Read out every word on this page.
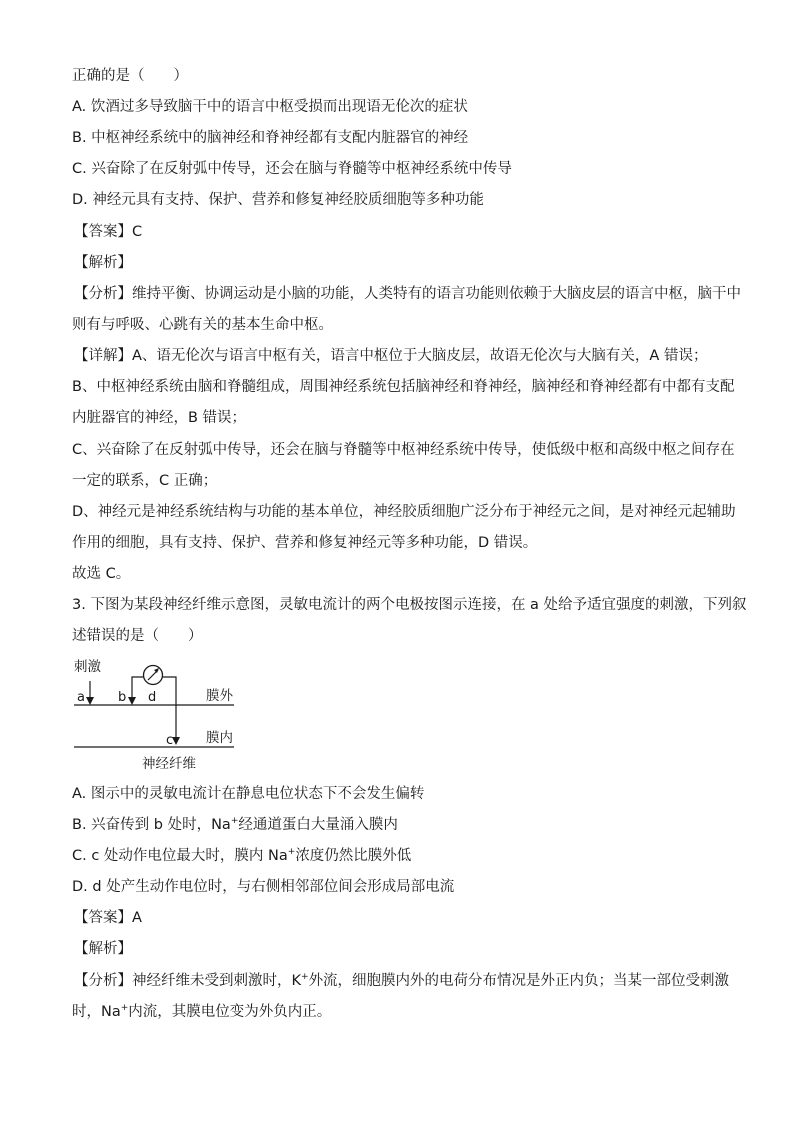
正确的是（　　）
A. 饮酒过多导致脑干中的语言中枢受损而出现语无伦次的症状
B. 中枢神经系统中的脑神经和脊神经都有支配内脏器官的神经
C. 兴奋除了在反射弧中传导，还会在脑与脊髓等中枢神经系统中传导
D. 神经元具有支持、保护、营养和修复神经胶质细胞等多种功能
【答案】C
【解析】
【分析】维持平衡、协调运动是小脑的功能，人类特有的语言功能则依赖于大脑皮层的语言中枢，脑干中
则有与呼吸、心跳有关的基本生命中枢。
【详解】A、语无伦次与语言中枢有关，语言中枢位于大脑皮层，故语无伦次与大脑有关，A 错误；
B、中枢神经系统由脑和脊髓组成，周围神经系统包括脑神经和脊神经，脑神经和脊神经都有中都有支配
内脏器官的神经，B 错误；
C、兴奋除了在反射弧中传导，还会在脑与脊髓等中枢神经系统中传导，使低级中枢和高级中枢之间存在
一定的联系，C 正确；
D、神经元是神经系统结构与功能的基本单位，神经胶质细胞广泛分布于神经元之间，是对神经元起辅助
作用的细胞，具有支持、保护、营养和修复神经元等多种功能，D 错误。
故选 C。
3. 下图为某段神经纤维示意图，灵敏电流计的两个电极按图示连接，在 a 处给予适宜强度的刺激，下列叙
述错误的是（　　）
刺激
a	b d
c
膜外
膜内
神经纤维
A. 图示中的灵敏电流计在静息电位状态下不会发生偏转
B. 兴奋传到 b 处时，Na+经通道蛋白大量涌入膜内
C. c 处动作电位最大时，膜内 Na+浓度仍然比膜外低
D. d 处产生动作电位时，与右侧相邻部位间会形成局部电流
【答案】A
【解析】
【分析】神经纤维未受到刺激时，K+外流，细胞膜内外的电荷分布情况是外正内负；当某一部位受刺激
时，Na+内流，其膜电位变为外负内正。
